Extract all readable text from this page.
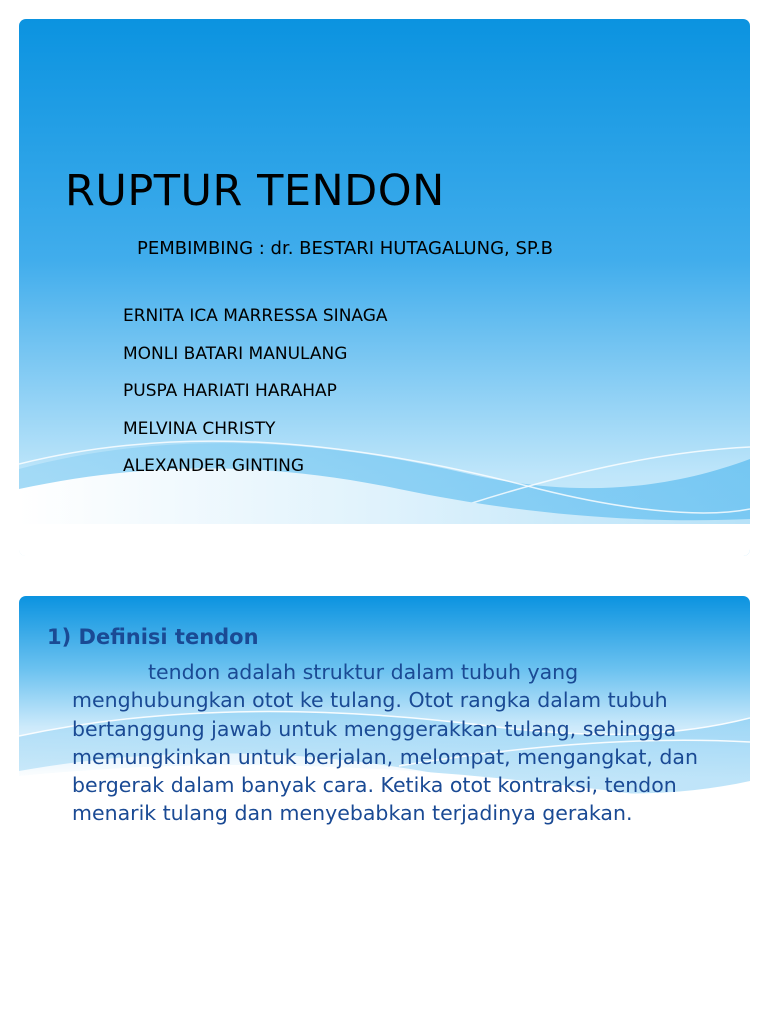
RUPTUR TENDON

PEMBIMBING : dr. BESTARI HUTAGALUNG, SP.B

ERNITA ICA MARRESSA SINAGA
MONLI BATARI MANULANG
PUSPA HARIATI HARAHAP
MELVINA CHRISTY
ALEXANDER GINTING
1) Definisi tendon

tendon adalah struktur dalam tubuh yang menghubungkan otot ke tulang. Otot rangka dalam tubuh bertanggung jawab untuk menggerakkan tulang, sehingga memungkinkan untuk berjalan, melompat, mengangkat, dan bergerak dalam banyak cara. Ketika otot kontraksi, tendon menarik tulang dan menyebabkan terjadinya gerakan.
